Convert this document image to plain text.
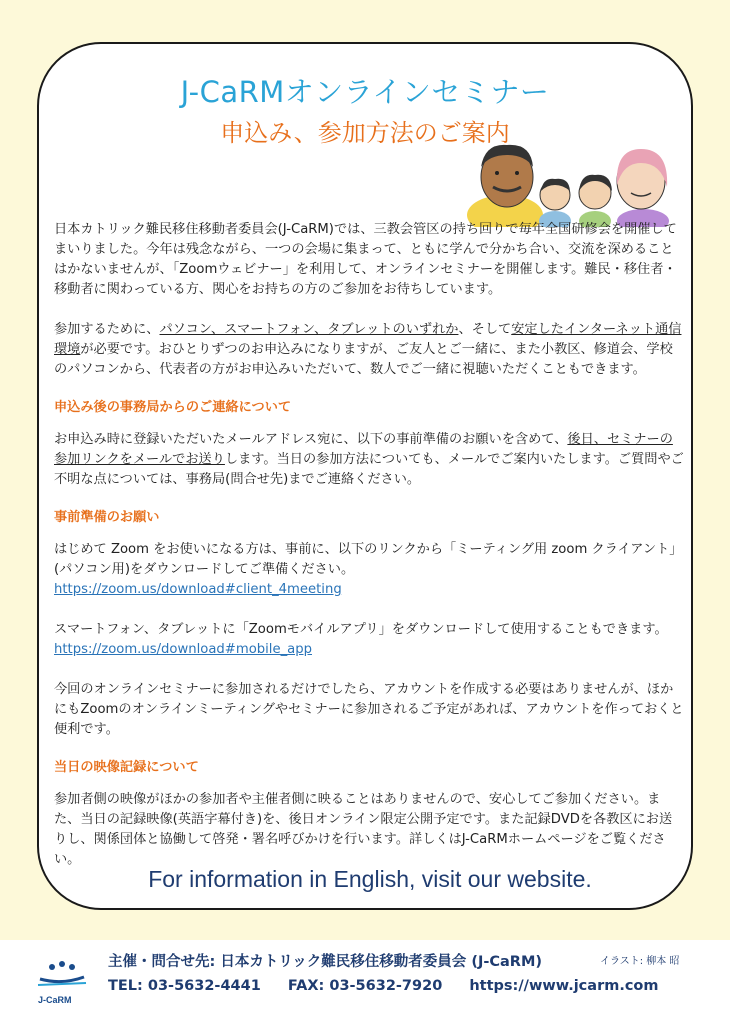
J-CaRMオンラインセミナー
申込み、参加方法のご案内

日本カトリック難民移住移動者委員会(J-CaRM)では、三教会管区の持ち回りで毎年全国研修会を開催してまいりました。今年は残念ながら、一つの会場に集まって、ともに学んで分かち合い、交流を深めることはかないませんが、「Zoomウェビナー」を利用して、オンラインセミナーを開催します。難民・移住者・移動者に関わっている方、関心をお持ちの方のご参加をお待ちしています。

参加するために、パソコン、スマートフォン、タブレットのいずれか、そして安定したインターネット通信環境が必要です。おひとりずつのお申込みになりますが、ご友人とご一緒に、また小教区、修道会、学校のパソコンから、代表者の方がお申込みいただいて、数人でご一緒に視聴いただくこともできます。

申込み後の事務局からのご連絡について

お申込み時に登録いただいたメールアドレス宛に、以下の事前準備のお願いを含めて、後日、セミナーの参加リンクをメールでお送りします。当日の参加方法についても、メールでご案内いたします。ご質問やご不明な点については、事務局(問合せ先)までご連絡ください。

事前準備のお願い

はじめて Zoom をお使いになる方は、事前に、以下のリンクから「ミーティング用 zoom クライアント」(パソコン用)をダウンロードしてご準備ください。

https://zoom.us/download#client_4meeting

スマートフォン、タブレットに「Zoomモバイルアプリ」をダウンロードして使用することもできます。

https://zoom.us/download#mobile_app

今回のオンラインセミナーに参加されるだけでしたら、アカウントを作成する必要はありませんが、ほかにもZoomのオンラインミーティングやセミナーに参加されるご予定があれば、アカウントを作っておくと便利です。

当日の映像記録について

参加者側の映像がほかの参加者や主催者側に映ることはありませんので、安心してご参加ください。また、当日の記録映像(英語字幕付き)を、後日オンライン限定公開予定です。また記録DVDを各教区にお送りし、関係団体と協働して啓発・署名呼びかけを行います。詳しくはJ-CaRMホームページをご覧ください。

For information in English, visit our website.
J-CaRM
主催・問合せ先: 日本カトリック難民移住移動者委員会 (J-CaRM)	イラスト: 柳本 昭
TEL: 03-5632-4441 FAX: 03-5632-7920 https://www.jcarm.com
